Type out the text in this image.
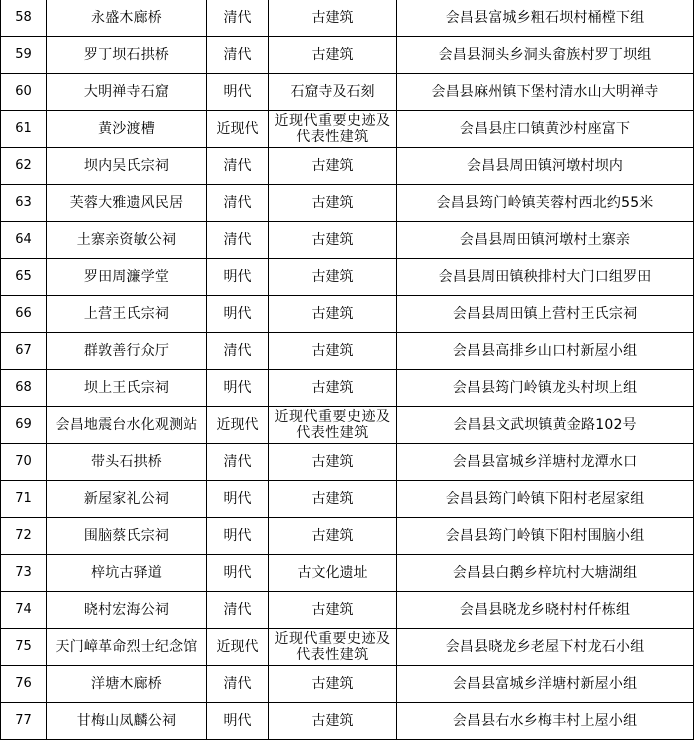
58	永盛木廊桥	清代	古建筑	会昌县富城乡粗石坝村桶樘下组
59	罗丁坝石拱桥	清代	古建筑	会昌县洞头乡洞头畲族村罗丁坝组
60	大明禅寺石窟	明代	石窟寺及石刻	会昌县麻州镇下堡村清水山大明禅寺
61	黄沙渡槽	近现代	近现代重要史迹及代表性建筑	会昌县庄口镇黄沙村座富下
62	坝内吴氏宗祠	清代	古建筑	会昌县周田镇河墩村坝内
63	芙蓉大雅遗风民居	清代	古建筑	会昌县筠门岭镇芙蓉村西北约55米
64	土寨亲资敏公祠	清代	古建筑	会昌县周田镇河墩村土寨亲
65	罗田周濂学堂	明代	古建筑	会昌县周田镇秧排村大门口组罗田
66	上营王氏宗祠	明代	古建筑	会昌县周田镇上营村王氏宗祠
67	群敦善行众厅	清代	古建筑	会昌县高排乡山口村新屋小组
68	坝上王氏宗祠	明代	古建筑	会昌县筠门岭镇龙头村坝上组
69	会昌地震台水化观测站	近现代	近现代重要史迹及代表性建筑	会昌县文武坝镇黄金路102号
70	带头石拱桥	清代	古建筑	会昌县富城乡洋塘村龙潭水口
71	新屋家礼公祠	明代	古建筑	会昌县筠门岭镇下阳村老屋家组
72	围脑蔡氏宗祠	明代	古建筑	会昌县筠门岭镇下阳村围脑小组
73	梓坑古驿道	明代	古文化遗址	会昌县白鹅乡梓坑村大塘湖组
74	晓村宏海公祠	清代	古建筑	会昌县晓龙乡晓村村仟栋组
75	天门嶂革命烈士纪念馆	近现代	近现代重要史迹及代表性建筑	会昌县晓龙乡老屋下村龙石小组
76	洋塘木廊桥	清代	古建筑	会昌县富城乡洋塘村新屋小组
77	甘梅山凤麟公祠	明代	古建筑	会昌县右水乡梅丰村上屋小组
